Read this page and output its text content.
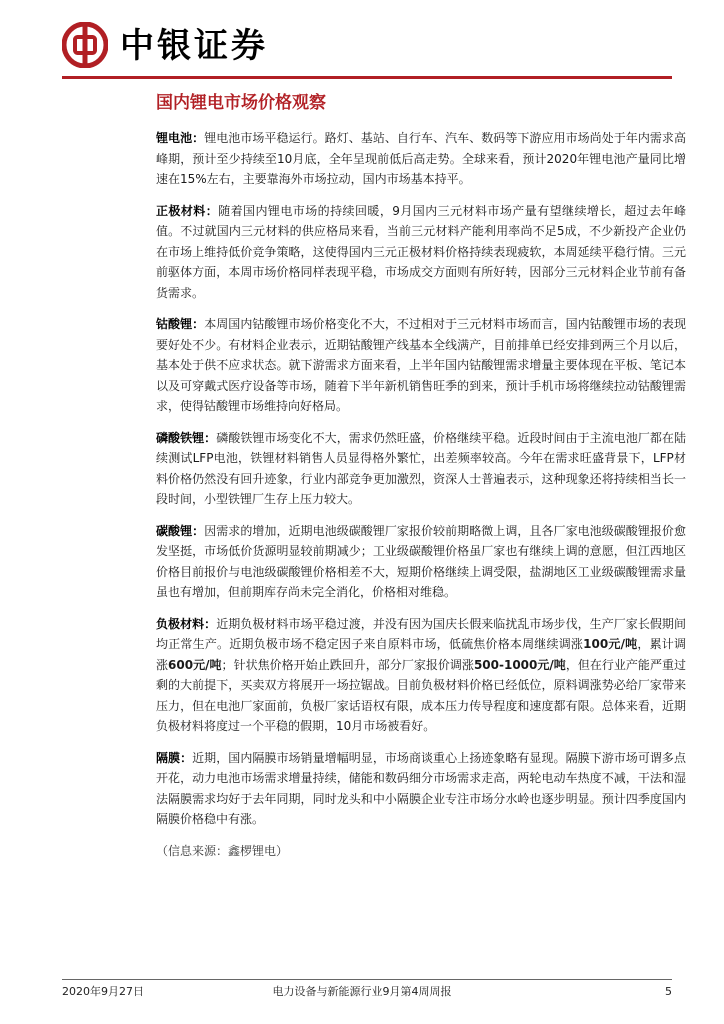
中银证券
国内锂电市场价格观察

锂电池：锂电池市场平稳运行。路灯、基站、自行车、汽车、数码等下游应用市场尚处于年内需求高峰期，预计至少持续至10月底，全年呈现前低后高走势。全球来看，预计2020年锂电池产量同比增速在15%左右，主要靠海外市场拉动，国内市场基本持平。

正极材料：随着国内锂电市场的持续回暖，9月国内三元材料市场产量有望继续增长，超过去年峰值。不过就国内三元材料的供应格局来看，当前三元材料产能利用率尚不足5成，不少新投产企业仍在市场上维持低价竞争策略，这使得国内三元正极材料价格持续表现疲软，本周延续平稳行情。三元前驱体方面，本周市场价格同样表现平稳，市场成交方面则有所好转，因部分三元材料企业节前有备货需求。

钴酸锂：本周国内钴酸锂市场价格变化不大，不过相对于三元材料市场而言，国内钴酸锂市场的表现要好处不少。有材料企业表示，近期钴酸锂产线基本全线满产，目前排单已经安排到两三个月以后，基本处于供不应求状态。就下游需求方面来看，上半年国内钴酸锂需求增量主要体现在平板、笔记本以及可穿戴式医疗设备等市场，随着下半年新机销售旺季的到来，预计手机市场将继续拉动钴酸锂需求，使得钴酸锂市场维持向好格局。

磷酸铁锂：磷酸铁锂市场变化不大，需求仍然旺盛，价格继续平稳。近段时间由于主流电池厂都在陆续测试LFP电池，铁锂材料销售人员显得格外繁忙，出差频率较高。今年在需求旺盛背景下，LFP材料价格仍然没有回升迹象，行业内部竞争更加激烈，资深人士普遍表示，这种现象还将持续相当长一段时间，小型铁锂厂生存上压力较大。

碳酸锂：因需求的增加，近期电池级碳酸锂厂家报价较前期略微上调，且各厂家电池级碳酸锂报价愈发坚挺，市场低价货源明显较前期减少；工业级碳酸锂价格虽厂家也有继续上调的意愿，但江西地区价格目前报价与电池级碳酸锂价格相差不大，短期价格继续上调受限，盐湖地区工业级碳酸锂需求量虽也有增加，但前期库存尚未完全消化，价格相对维稳。

负极材料：近期负极材料市场平稳过渡，并没有因为国庆长假来临扰乱市场步伐，生产厂家长假期间均正常生产。近期负极市场不稳定因子来自原料市场，低硫焦价格本周继续调涨100元/吨，累计调涨600元/吨；针状焦价格开始止跌回升，部分厂家报价调涨500-1000元/吨，但在行业产能严重过剩的大前提下，买卖双方将展开一场拉锯战。目前负极材料价格已经低位，原料调涨势必给厂家带来压力，但在电池厂家面前，负极厂家话语权有限，成本压力传导程度和速度都有限。总体来看，近期负极材料将度过一个平稳的假期，10月市场被看好。

隔膜：近期，国内隔膜市场销量增幅明显，市场商谈重心上扬迹象略有显现。隔膜下游市场可谓多点开花，动力电池市场需求增量持续，储能和数码细分市场需求走高，两轮电动车热度不减，干法和湿法隔膜需求均好于去年同期，同时龙头和中小隔膜企业专注市场分水岭也逐步明显。预计四季度国内隔膜价格稳中有涨。

（信息来源：鑫椤锂电）
2020年9月27日	电力设备与新能源行业9月第4周周报	5
